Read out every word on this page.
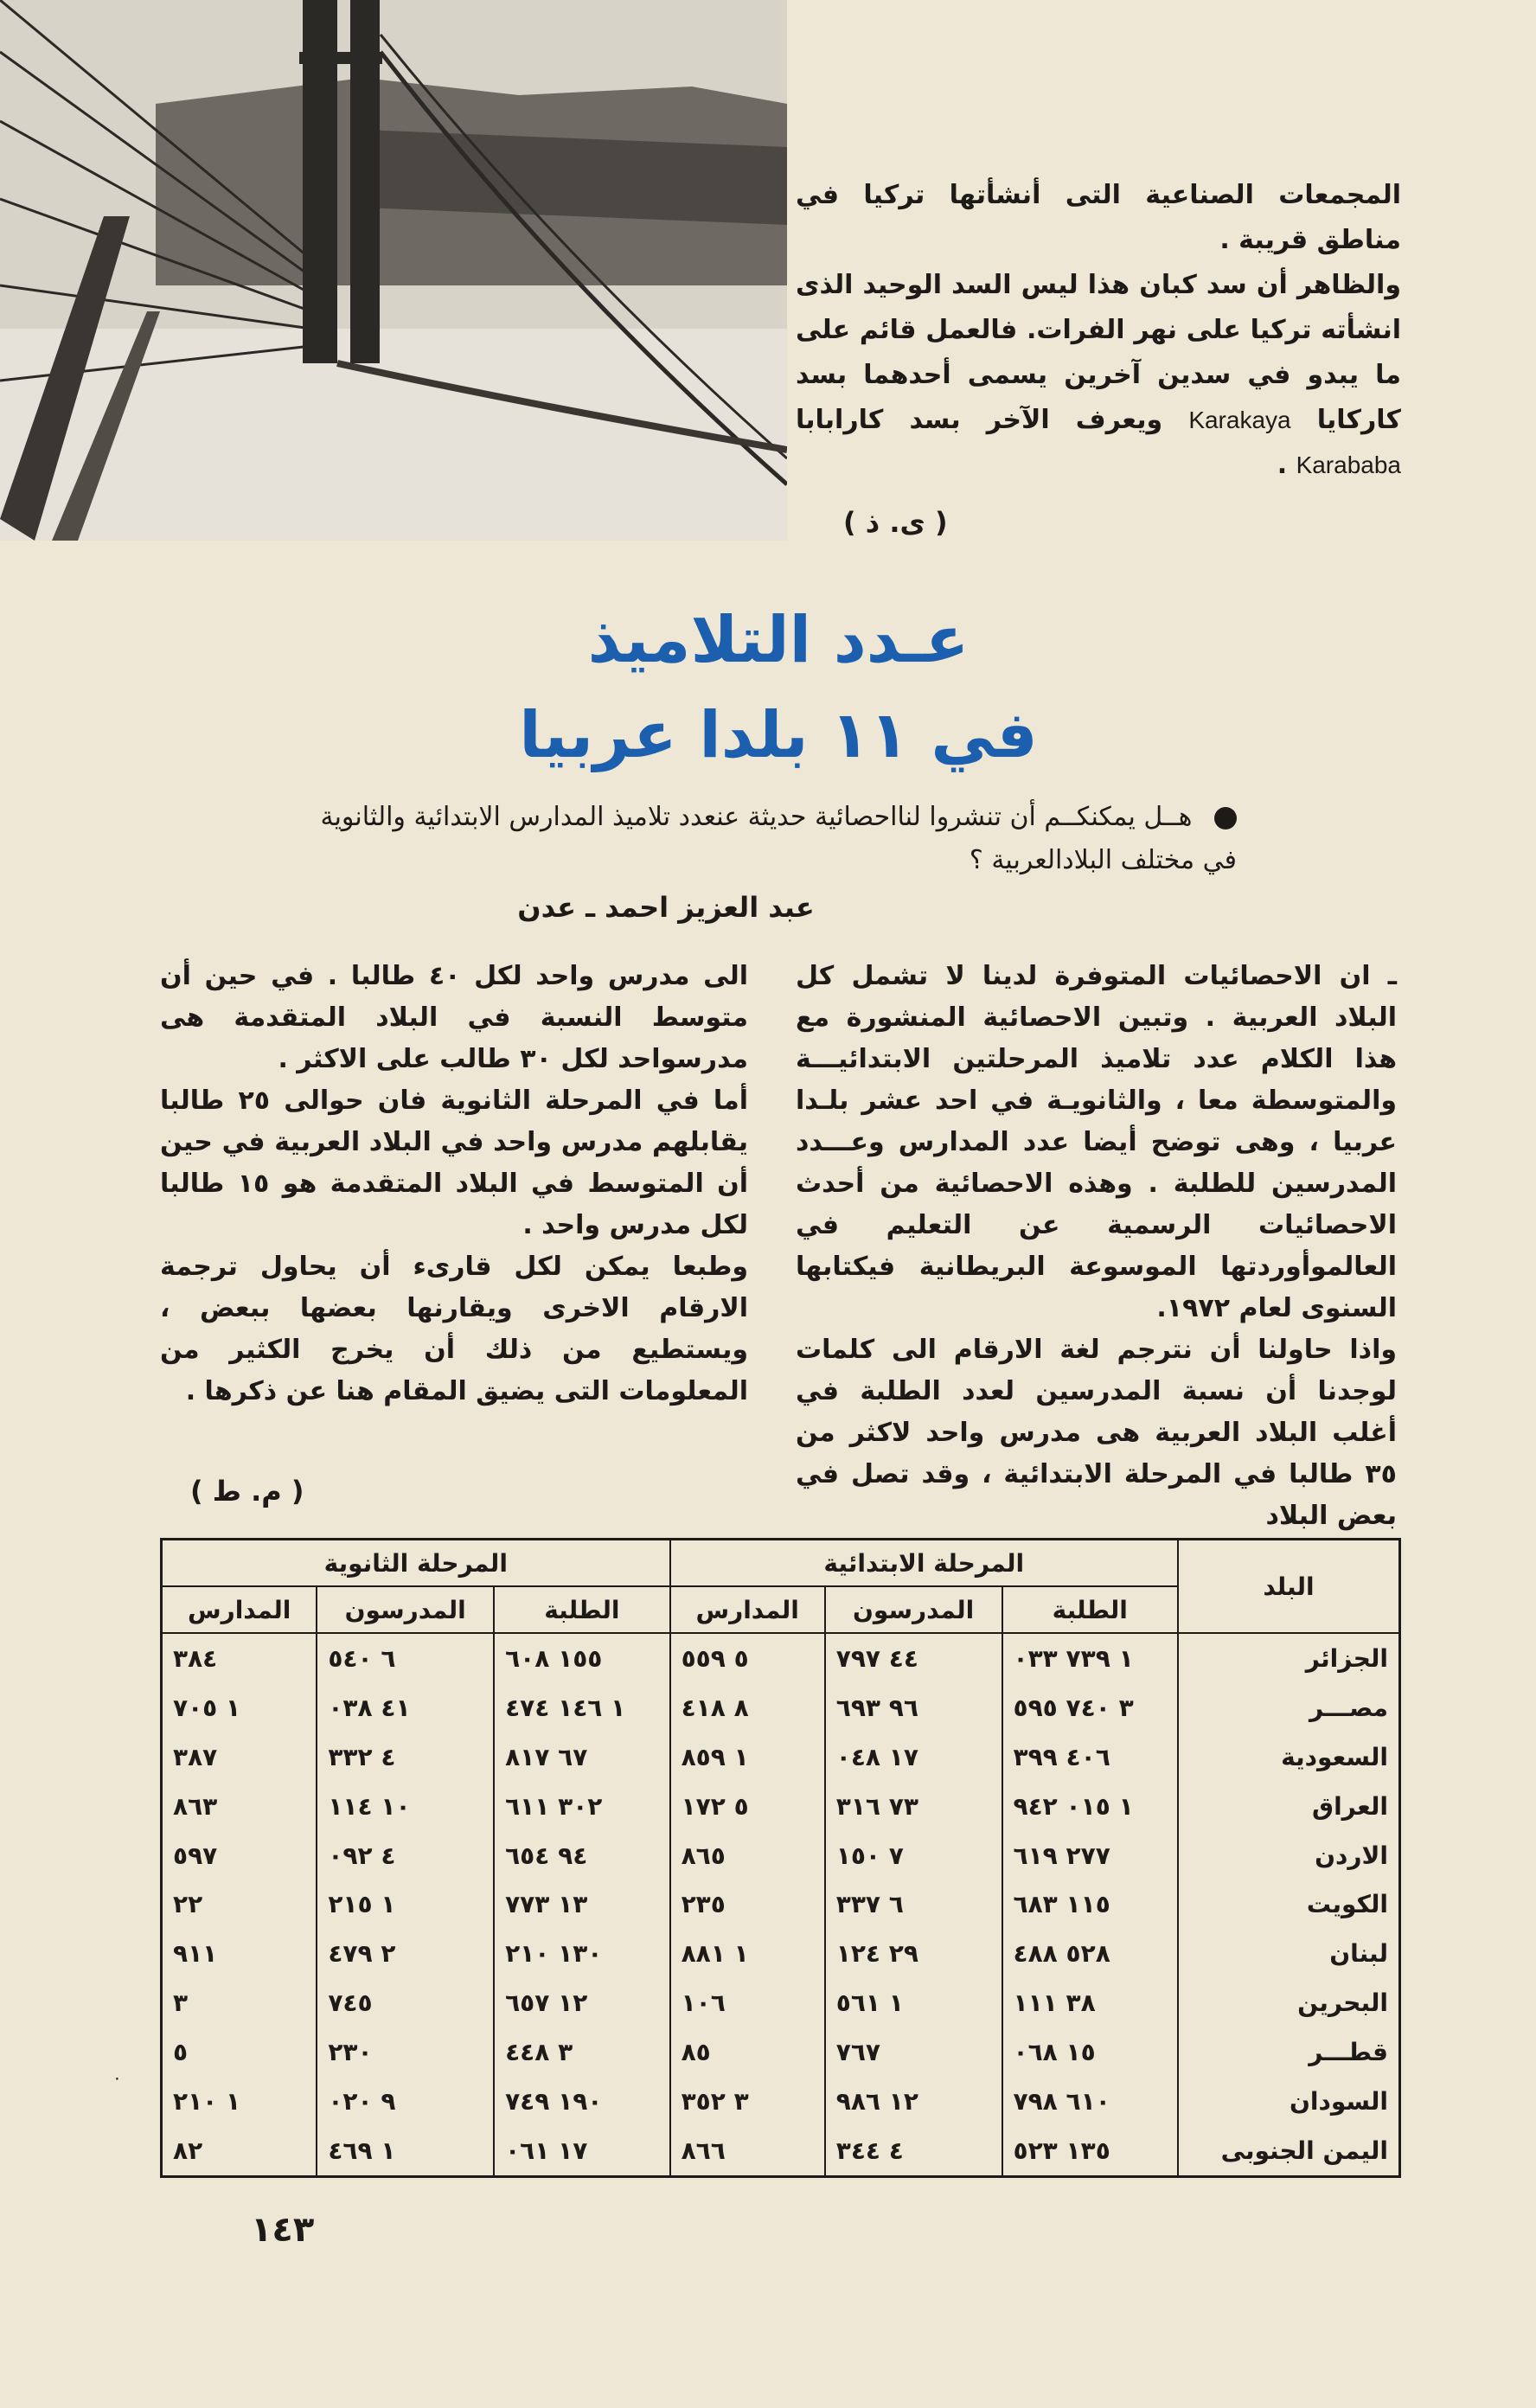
المجمعات الصناعية التى أنشأتها تركيا في مناطق قريبة .

والظاهر أن سد كبان هذا ليس السد الوحيد الذى انشأته تركيا على نهر الفرات. فالعمل قائم على ما يبدو في سدين آخرين يسمى أحدهما بسد كاركايا Karakaya ويعرف الآخر بسد كارابابا Karababa .

( ى. ذ )
عـدد التلاميذ
في ١١ بلدا عربيا
هــل يمكنكــم أن تنشروا لنااحصائية حديثة عنعدد تلاميذ المدارس الابتدائية والثانوية في مختلف البلادالعربية ؟
عبد العزيز احمد ـ عدن

ـ ان الاحصائيات المتوفرة لدينا لا تشمل كل البلاد العربية . وتبين الاحصائية المنشورة مع هذا الكلام عدد تلاميذ المرحلتين الابتدائيـــة والمتوسطة معا ، والثانويـة في احد عشر بلـدا عربيا ، وهى توضح أيضا عدد المدارس وعـــدد المدرسين للطلبة . وهذه الاحصائية من أحدث الاحصائيات الرسمية عن التعليم في العالموأوردتها الموسوعة البريطانية فيكتابها السنوى لعام ١٩٧٢.

واذا حاولنا أن نترجم لغة الارقام الى كلمات لوجدنا أن نسبة المدرسين لعدد الطلبة في أغلب البلاد العربية هى مدرس واحد لاكثر من ٣٥ طالبا في المرحلة الابتدائية ، وقد تصل في بعض البلاد

الى مدرس واحد لكل ٤٠ طالبا . في حين أن متوسط النسبة في البلاد المتقدمة هى مدرسواحد لكل ٣٠ طالب على الاكثر .

أما في المرحلة الثانوية فان حوالى ٢٥ طالبا يقابلهم مدرس واحد في البلاد العربية في حين أن المتوسط في البلاد المتقدمة هو ١٥ طالبا لكل مدرس واحد .

وطبعا يمكن لكل قارىء أن يحاول ترجمة الارقام الاخرى ويقارنها بعضها ببعض ، ويستطيع من ذلك أن يخرج الكثير من المعلومات التى يضيق المقام هنا عن ذكرها .

( م. ط )
البلد	المرحلة الابتدائية			المرحلة الثانوية		
	الطلبة	المدرسون	المدارس	الطلبة	المدرسون	المدارس
الجزائر	١ ٧٣٩ ٠٣٣	٤٤ ٧٩٧	٥ ٥٥٩	١٥٥ ٦٠٨	٦ ٥٤٠	٣٨٤
مصـــر	٣ ٧٤٠ ٥٩٥	٩٦ ٦٩٣	٨ ٤١٨	١ ١٤٦ ٤٧٤	٤١ ٠٣٨	١ ٧٠٥
السعودية	٤٠٦ ٣٩٩	١٧ ٠٤٨	١ ٨٥٩	٦٧ ٨١٧	٤ ٣٣٢	٣٨٧
العراق	١ ٠١٥ ٩٤٢	٧٣ ٣١٦	٥ ١٧٢	٣٠٢ ٦١١	١٠ ١١٤	٨٦٣
الاردن	٢٧٧ ٦١٩	٧ ١٥٠	٨٦٥	٩٤ ٦٥٤	٤ ٠٩٢	٥٩٧
الكويت	١١٥ ٦٨٣	٦ ٣٣٧	٢٣٥	١٣ ٧٧٣	١ ٢١٥	٢٢
لبنان	٥٢٨ ٤٨٨	٢٩ ١٢٤	١ ٨٨١	١٣٠ ٢١٠	٢ ٤٧٩	٩١١
البحرين	٣٨ ١١١	١ ٥٦١	١٠٦	١٢ ٦٥٧	٧٤٥	٣
قطـــر	١٥ ٠٦٨	٧٦٧	٨٥	٣ ٤٤٨	٢٣٠	٥
السودان	٦١٠ ٧٩٨	١٢ ٩٨٦	٣ ٣٥٢	١٩٠ ٧٤٩	٩ ٠٢٠	١ ٢١٠
اليمن الجنوبى	١٣٥ ٥٢٣	٤ ٣٤٤	٨٦٦	١٧ ٠٦١	١ ٤٦٩	٨٢
١٤٣
٠
